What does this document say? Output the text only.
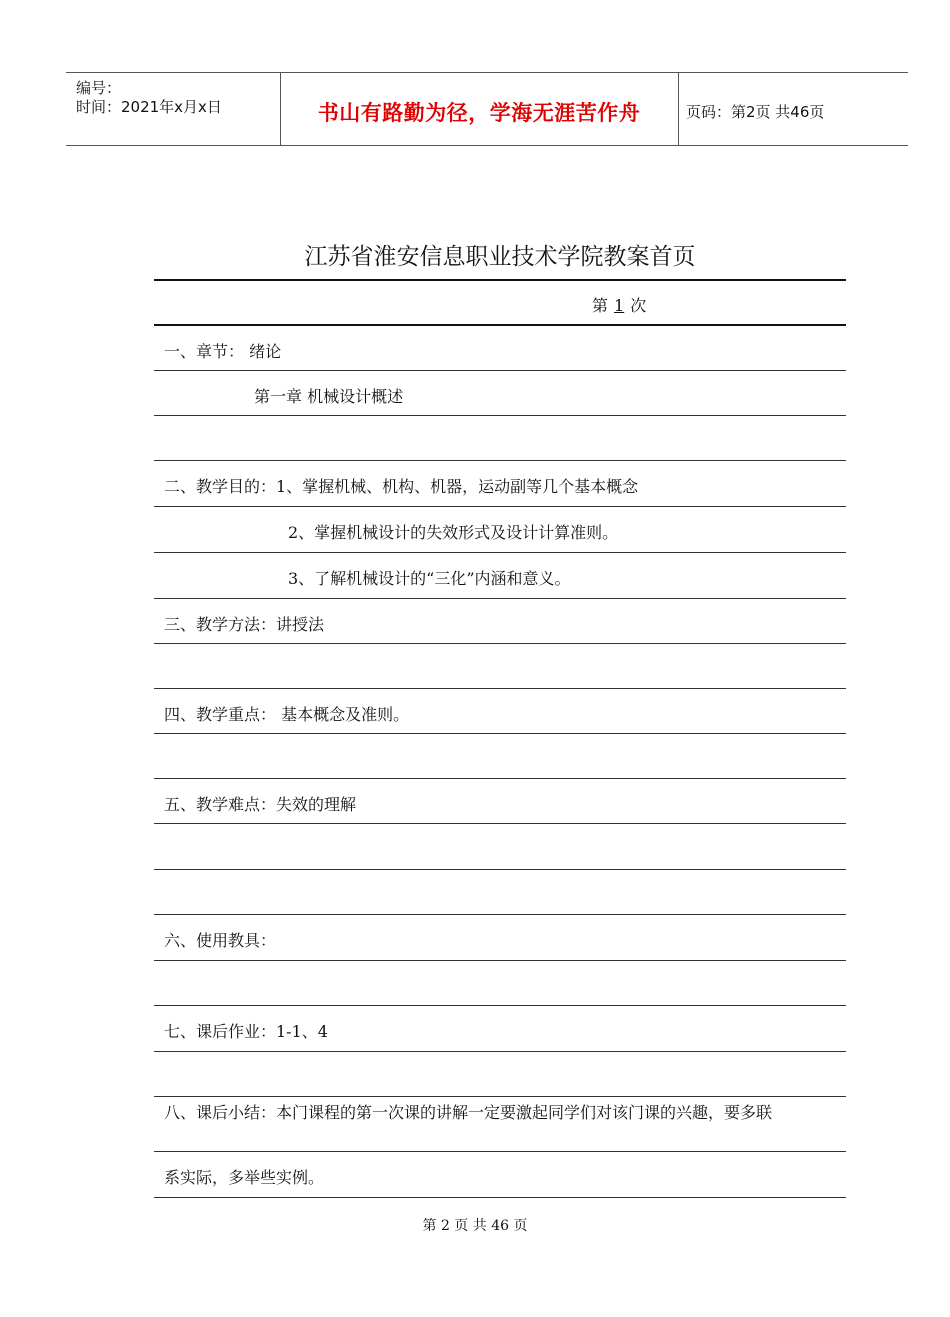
编号：
时间：2021年x月x日	书山有路勤为径，学海无涯苦作舟	页码：第2页 共46页
江苏省淮安信息职业技术学院教案首页
第 1 次
一、章节： 绪论
第一章 机械设计概述
二、教学目的：1、掌握机械、机构、机器，运动副等几个基本概念
2、掌握机械设计的失效形式及设计计算准则。
3、了解机械设计的“三化”内涵和意义。
三、教学方法：讲授法
四、教学重点： 基本概念及准则。
五、教学难点：失效的理解
六、使用教具：
七、课后作业：1-1、4
八、课后小结：本门课程的第一次课的讲解一定要激起同学们对该门课的兴趣，要多联
系实际，多举些实例。
第 2 页 共 46 页
